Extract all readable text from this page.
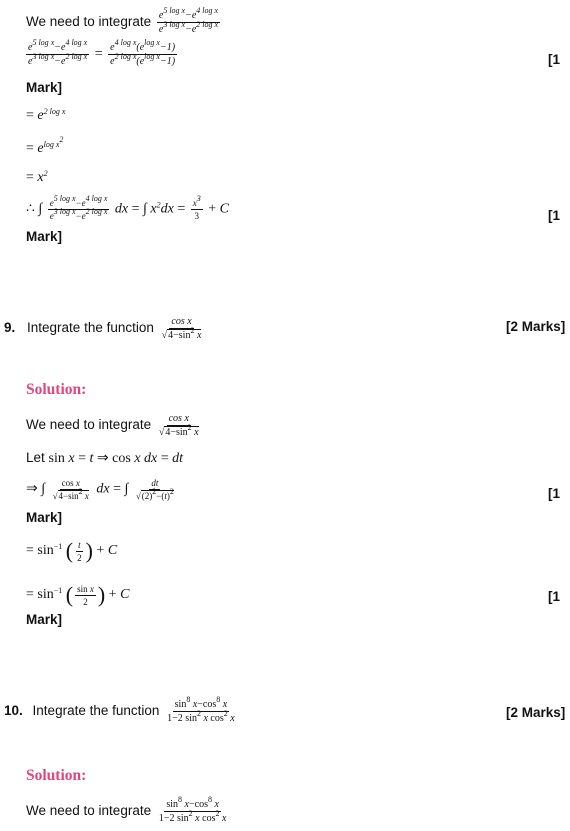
We need to integrate $\frac{e^{5 log x}-e^{4 log x}}{e^{3 log x}-e^{2 log x}}$
$\frac{e^{5 log x}-e^{4 log x}}{e^{3 log x}-e^{2 log x}} = \frac{e^{4 log x}(e^{log x}-1)}{e^{2 log x}(e^{log x}-1)}$	[1
Mark]
= $e^{2 log x}$
= $e^{log x^2}$
= $x^2$
∴ ∫ $\frac{e^{5 log x}-e^{4 log x}}{e^{3 log x}-e^{2 log x}}$ dx = ∫ $x^2dx = \frac{x^3}{3} + C$	[1
Mark]
9. Integrate the function $\frac{\text{cos x}}{√4-\sin^2 x}$	[2 Marks]
Solution:
We need to integrate $\frac{\text{cos x}}{√4-\sin^2 x}$
Let sin x = t ⇒ cos x dx = dt
⇒ ∫ $\frac{\text{cos x}}{√4-\sin^2 x}$ dx = ∫ $\frac{dt}{√(2)^2-(t)^2}$	[1
Mark]
= $\sin^{-1}$ ( $\frac{t}{2}$ ) + C
= $\sin^{-1}$ ( $\frac{\text{sin x}}{2}$ ) + C	[1
Mark]
10. Integrate the function $\frac{\sin^8 x-\cos^8 x}{1-2 \sin^2 x \cos^2 x}$	[2 Marks]
Solution:
We need to integrate $\frac{\sin^8 x-\cos^8 x}{1-2 \sin^2 x \cos^2 x}$
